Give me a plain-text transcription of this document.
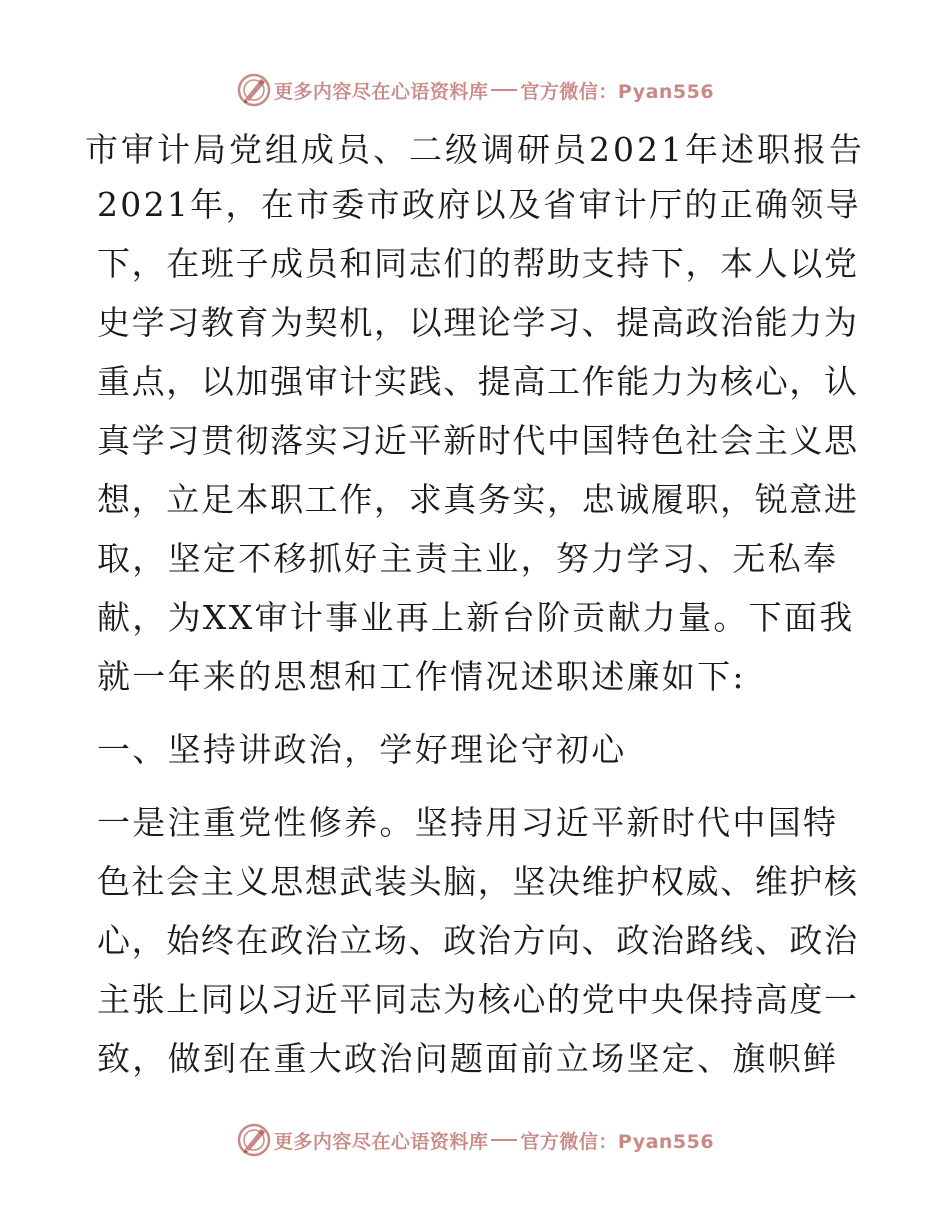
更多内容尽在心语资料库 官方微信：Pyan556
市审计局党组成员、二级调研员2021年述职报告
2021年，在市委市政府以及省审计厅的正确领导
下，在班子成员和同志们的帮助支持下，本人以党
史学习教育为契机，以理论学习、提高政治能力为
重点，以加强审计实践、提高工作能力为核心，认
真学习贯彻落实习近平新时代中国特色社会主义思
想，立足本职工作，求真务实，忠诚履职，锐意进
取，坚定不移抓好主责主业，努力学习、无私奉
献，为XX审计事业再上新台阶贡献力量。下面我
就一年来的思想和工作情况述职述廉如下:
一、坚持讲政治，学好理论守初心
一是注重党性修养。坚持用习近平新时代中国特
色社会主义思想武装头脑，坚决维护权威、维护核
心，始终在政治立场、政治方向、政治路线、政治
主张上同以习近平同志为核心的党中央保持高度一
致，做到在重大政治问题面前立场坚定、旗帜鲜
更多内容尽在心语资料库 官方微信：Pyan556
